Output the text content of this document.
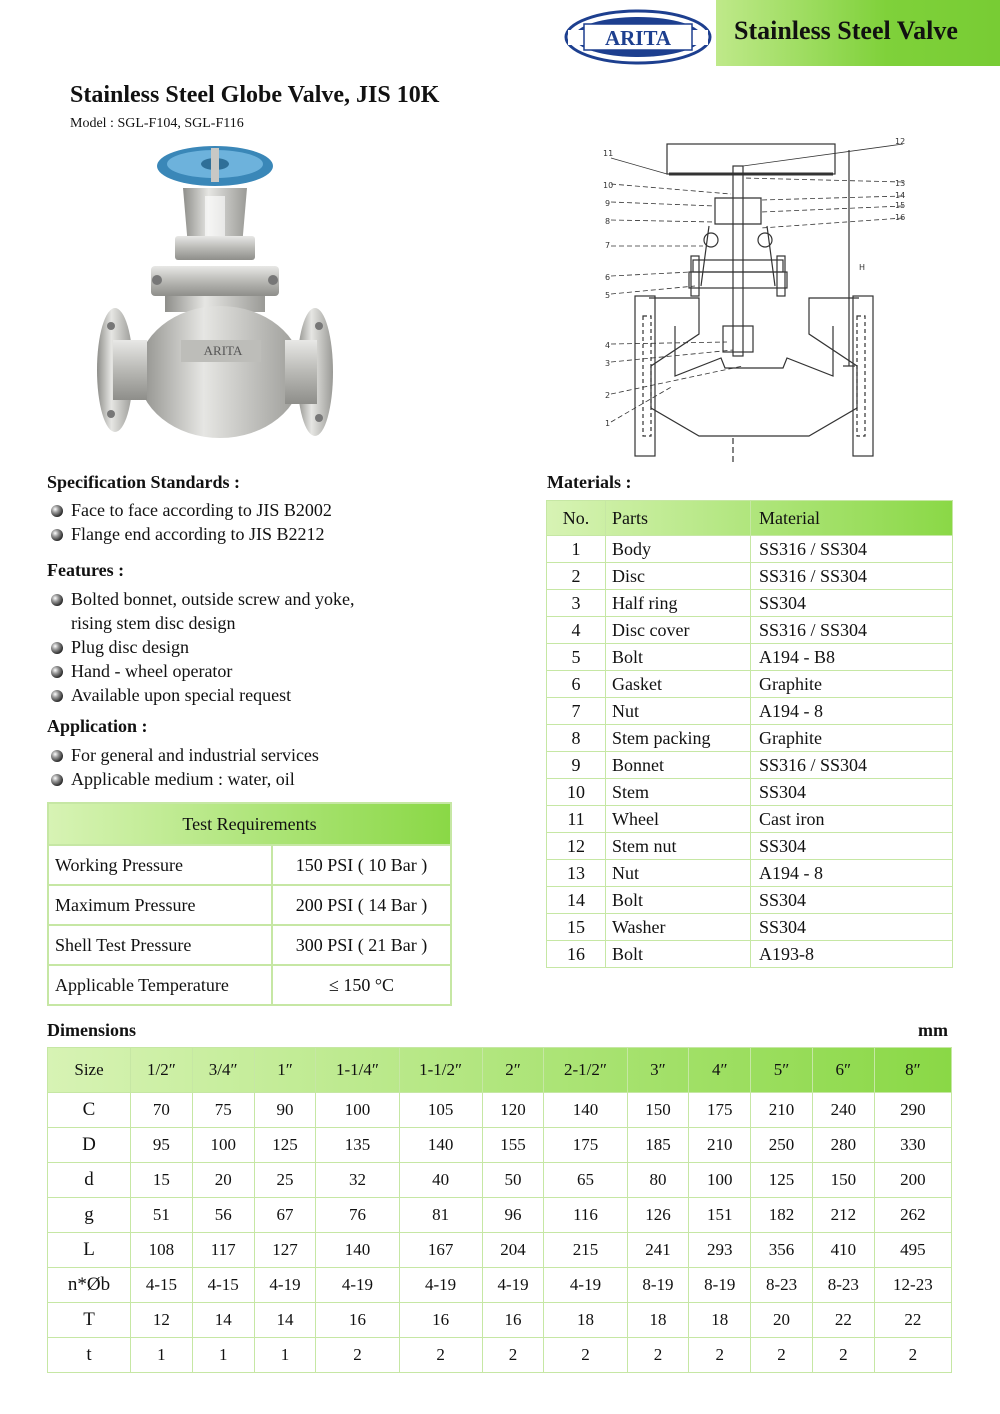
ARITA Stainless Steel Valve
Stainless Steel Globe Valve, JIS 10K
Model : SGL-F104, SGL-F116
ARITA
1
2
3
4
5
6
7
8
9
10
11
12
13
14
15
16
H
Specification Standards :
Face to face according to JIS B2002
Flange end according to JIS B2212
Features :
Bolted bonnet, outside screw and yoke,
rising stem disc design
Plug disc design
Hand - wheel operator
Available upon special request
Application :
For general and industrial services
Applicable medium : water, oil
Test Requirements	
Working Pressure	150 PSI ( 10 Bar )
Maximum Pressure	200 PSI ( 14 Bar )
Shell Test Pressure	300 PSI ( 21 Bar )
Applicable Temperature	≤ 150 °C
Materials :
No.	Parts	Material
1	Body	SS316 / SS304
2	Disc	SS316 / SS304
3	Half ring	SS304
4	Disc cover	SS316 / SS304
5	Bolt	A194 - B8
6	Gasket	Graphite
7	Nut	A194 - 8
8	Stem packing	Graphite
9	Bonnet	SS316 / SS304
10	Stem	SS304
11	Wheel	Cast iron
12	Stem nut	SS304
13	Nut	A194 - 8
14	Bolt	SS304
15	Washer	SS304
16	Bolt	A193-8
Dimensions	mm
Size	1/2″	3/4″	1″	1-1/4″	1-1/2″	2″	2-1/2″	3″	4″	5″	6″	8″
C	70	75	90	100	105	120	140	150	175	210	240	290
D	95	100	125	135	140	155	175	185	210	250	280	330
d	15	20	25	32	40	50	65	80	100	125	150	200
g	51	56	67	76	81	96	116	126	151	182	212	262
L	108	117	127	140	167	204	215	241	293	356	410	495
n*Øb	4-15	4-15	4-19	4-19	4-19	4-19	4-19	8-19	8-19	8-23	8-23	12-23
T	12	14	14	16	16	16	18	18	18	20	22	22
t	1	1	1	2	2	2	2	2	2	2	2	2
